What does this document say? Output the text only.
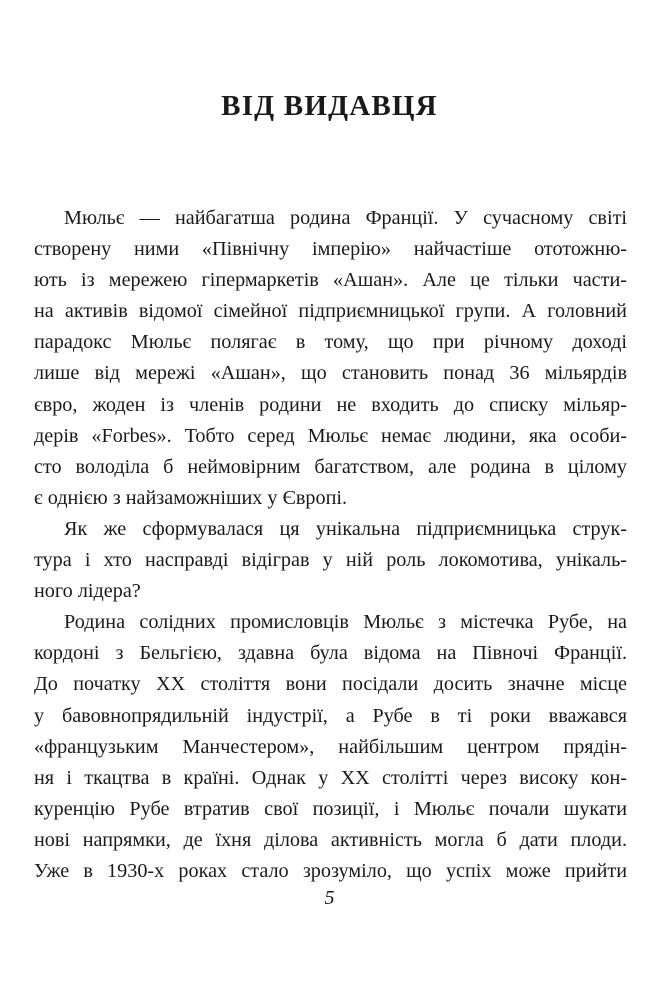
ВІД ВИДАВЦЯ
Мюльє — найбагатша родина Франції. У сучасному світі
створену ними «Північну імперію» найчастіше ототожню-
ють із мережею гіпермаркетів «Ашан». Але це тільки части-
на активів відомої сімейної підприємницької групи. А головний
парадокс Мюльє полягає в тому, що при річному доході
лише від мережі «Ашан», що становить понад 36 мільярдів
євро, жоден із членів родини не входить до списку мільяр-
дерів «Forbes». Тобто серед Мюльє немає людини, яка особи-
сто володіла б неймовірним багатством, але родина в цілому
є однією з найзаможніших у Європі.
Як же сформувалася ця унікальна підприємницька струк-
тура і хто насправді відіграв у ній роль локомотива, унікаль-
ного лідера?
Родина солідних промисловців Мюльє з містечка Рубе, на
кордоні з Бельгією, здавна була відома на Півночі Франції.
До початку XX століття вони посідали досить значне місце
у бавовнопрядильній індустрії, а Рубе в ті роки вважався
«французьким Манчестером», найбільшим центром прядін-
ня і ткацтва в країні. Однак у XX столітті через високу кон-
куренцію Рубе втратив свої позиції, і Мюльє почали шукати
нові напрямки, де їхня ділова активність могла б дати плоди.
Уже в 1930-х роках стало зрозуміло, що успіх може прийти
5
